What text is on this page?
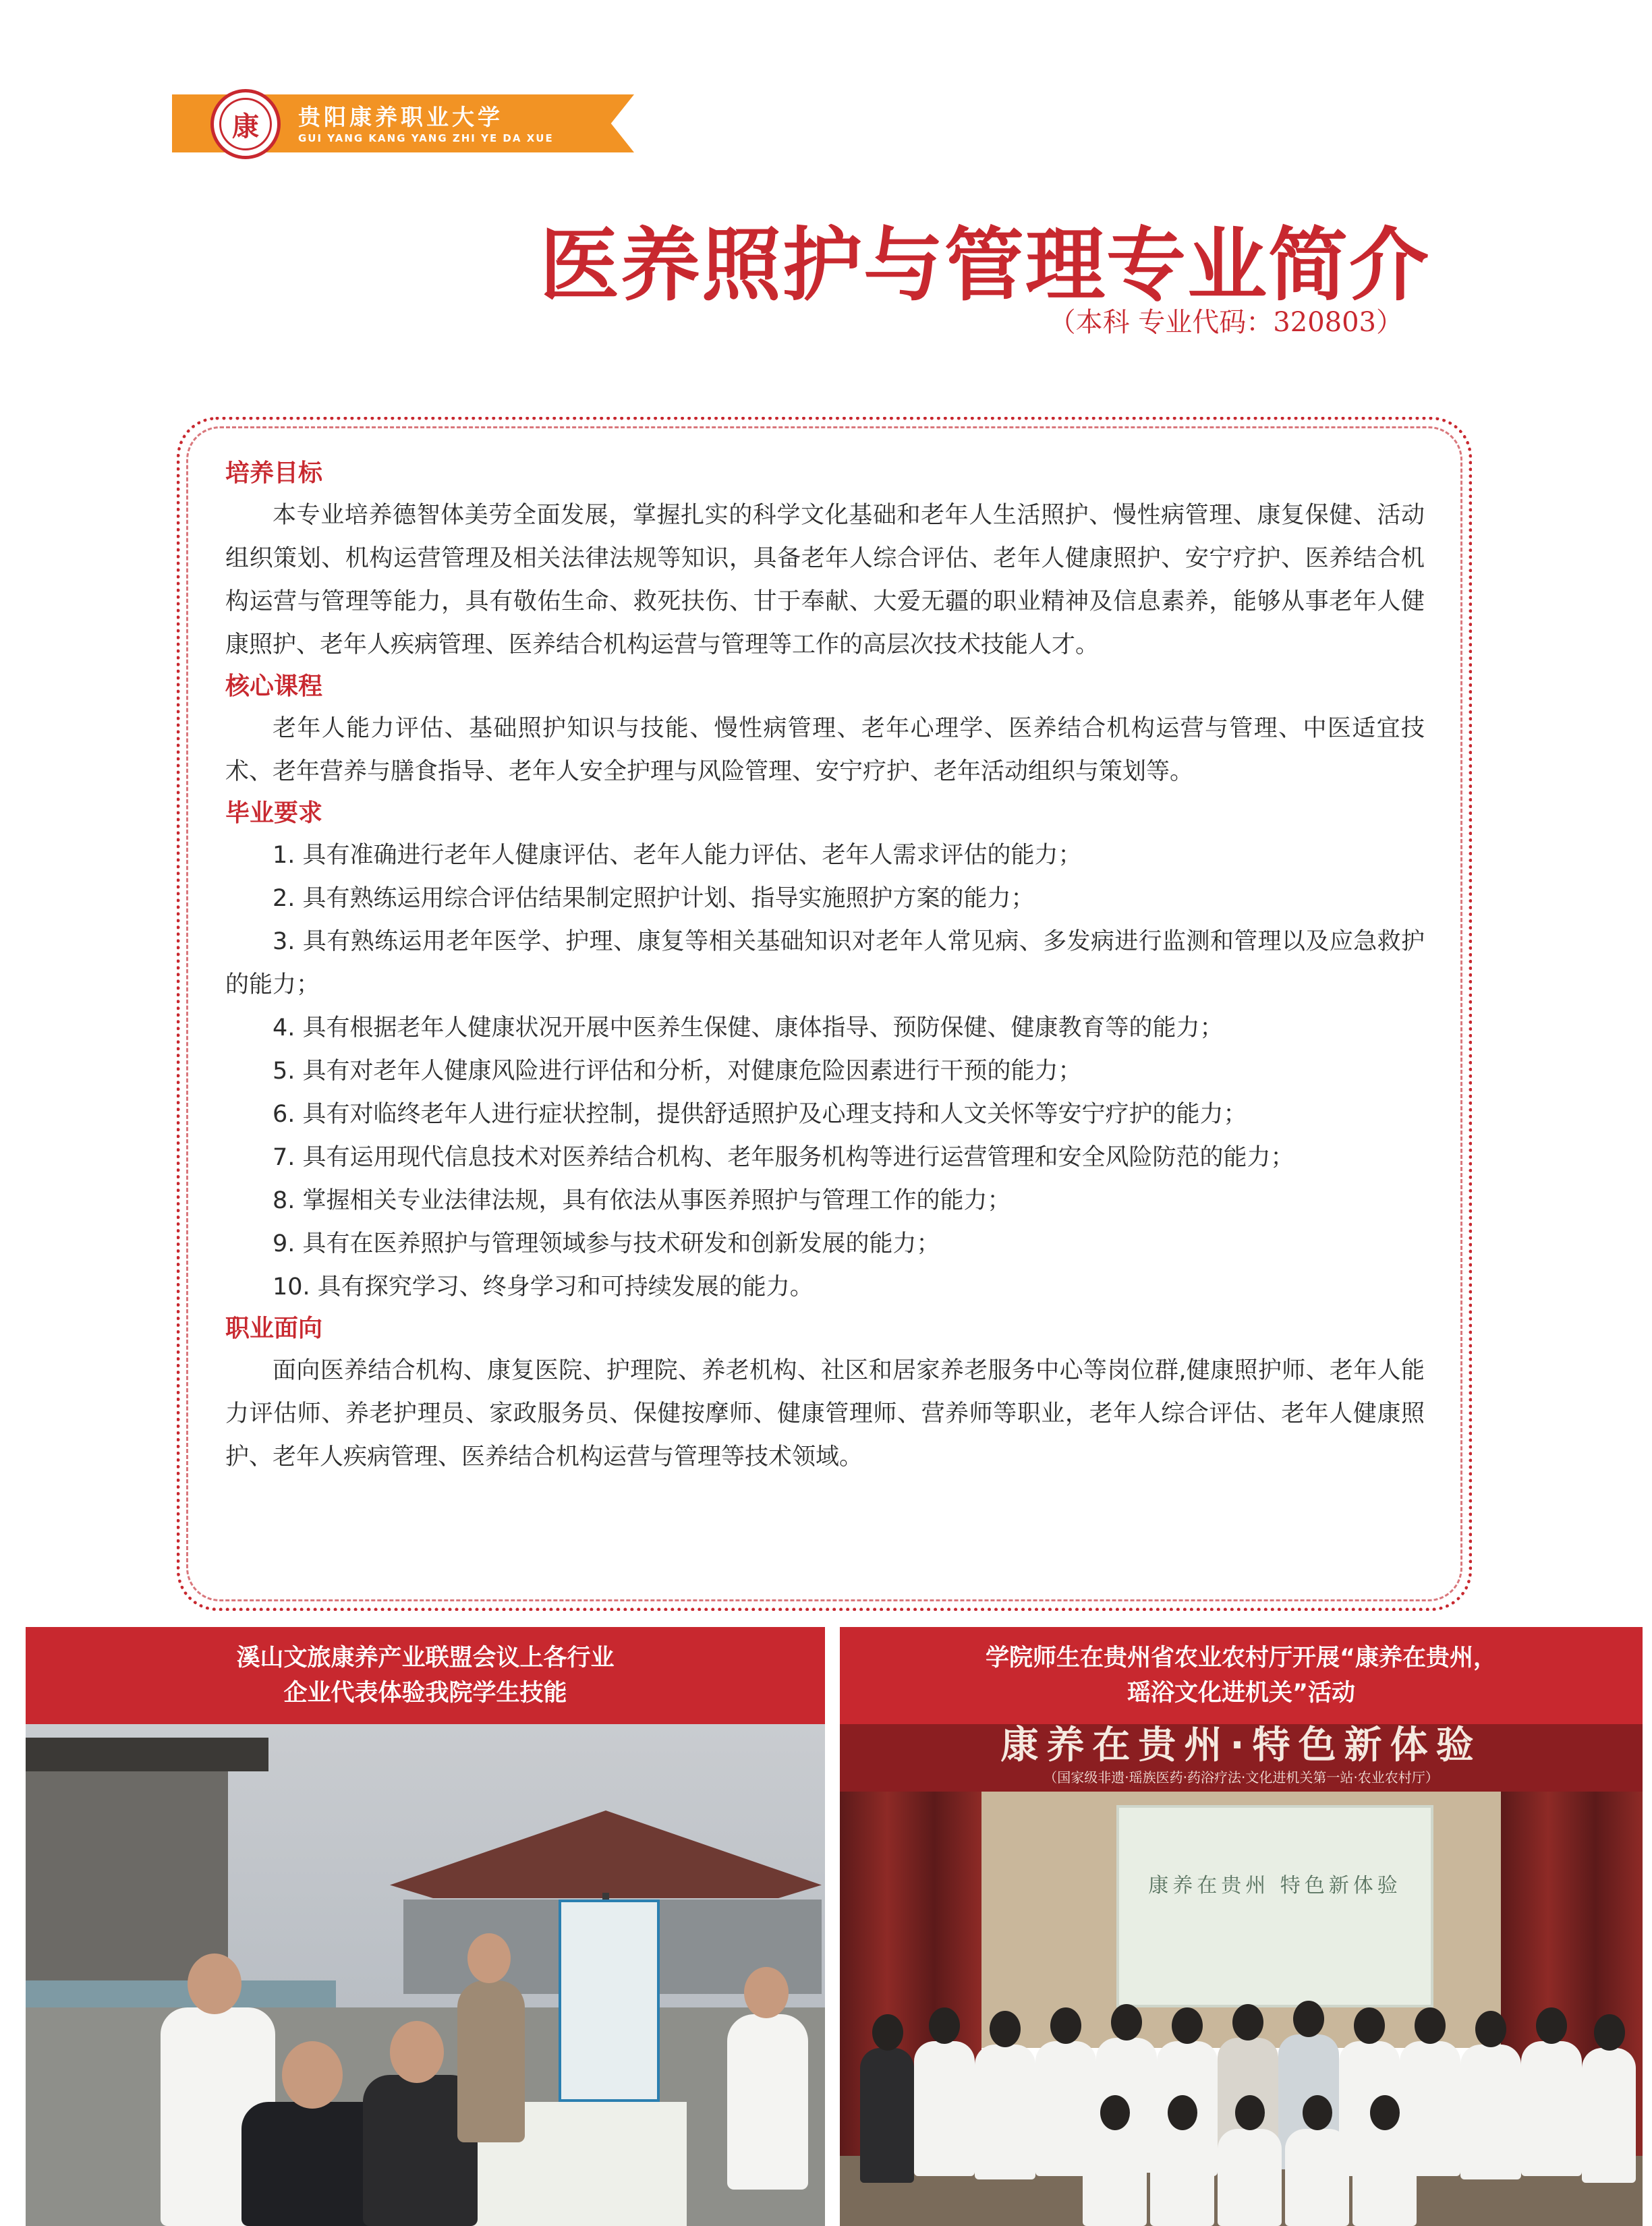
康	贵阳康养职业大学
GUI YANG KANG YANG ZHI YE DA XUE
医养照护与管理专业简介
（本科 专业代码：320803）
培养目标

本专业培养德智体美劳全面发展，掌握扎实的科学文化基础和老年人生活照护、慢性病管理、康复保健、活动组织策划、机构运营管理及相关法律法规等知识，具备老年人综合评估、老年人健康照护、安宁疗护、医养结合机构运营与管理等能力，具有敬佑生命、救死扶伤、甘于奉献、大爱无疆的职业精神及信息素养，能够从事老年人健康照护、老年人疾病管理、医养结合机构运营与管理等工作的高层次技术技能人才。

核心课程

老年人能力评估、基础照护知识与技能、慢性病管理、老年心理学、医养结合机构运营与管理、中医适宜技术、老年营养与膳食指导、老年人安全护理与风险管理、安宁疗护、老年活动组织与策划等。

毕业要求
1. 具有准确进行老年人健康评估、老年人能力评估、老年人需求评估的能力；
2. 具有熟练运用综合评估结果制定照护计划、指导实施照护方案的能力；
3. 具有熟练运用老年医学、护理、康复等相关基础知识对老年人常见病、多发病进行监测和管理以及应急救护的能力；
4. 具有根据老年人健康状况开展中医养生保健、康体指导、预防保健、健康教育等的能力；
5. 具有对老年人健康风险进行评估和分析，对健康危险因素进行干预的能力；
6. 具有对临终老年人进行症状控制，提供舒适照护及心理支持和人文关怀等安宁疗护的能力；
7. 具有运用现代信息技术对医养结合机构、老年服务机构等进行运营管理和安全风险防范的能力；
8. 掌握相关专业法律法规，具有依法从事医养照护与管理工作的能力；
9. 具有在医养照护与管理领域参与技术研发和创新发展的能力；
10. 具有探究学习、终身学习和可持续发展的能力。
职业面向

面向医养结合机构、康复医院、护理院、养老机构、社区和居家养老服务中心等岗位群,健康照护师、老年人能力评估师、养老护理员、家政服务员、保健按摩师、健康管理师、营养师等职业，老年人综合评估、老年人健康照护、老年人疾病管理、医养结合机构运营与管理等技术领域。

溪山文旅康养产业联盟会议上各行业
企业代表体验我院学生技能
学院师生在贵州省农业农村厅开展“康养在贵州，
瑶浴文化进机关”活动
康养在贵州·特色新体验
（国家级非遗·瑶族医药·药浴疗法·文化进机关第一站·农业农村厅）
康养在贵州 特色新体验
